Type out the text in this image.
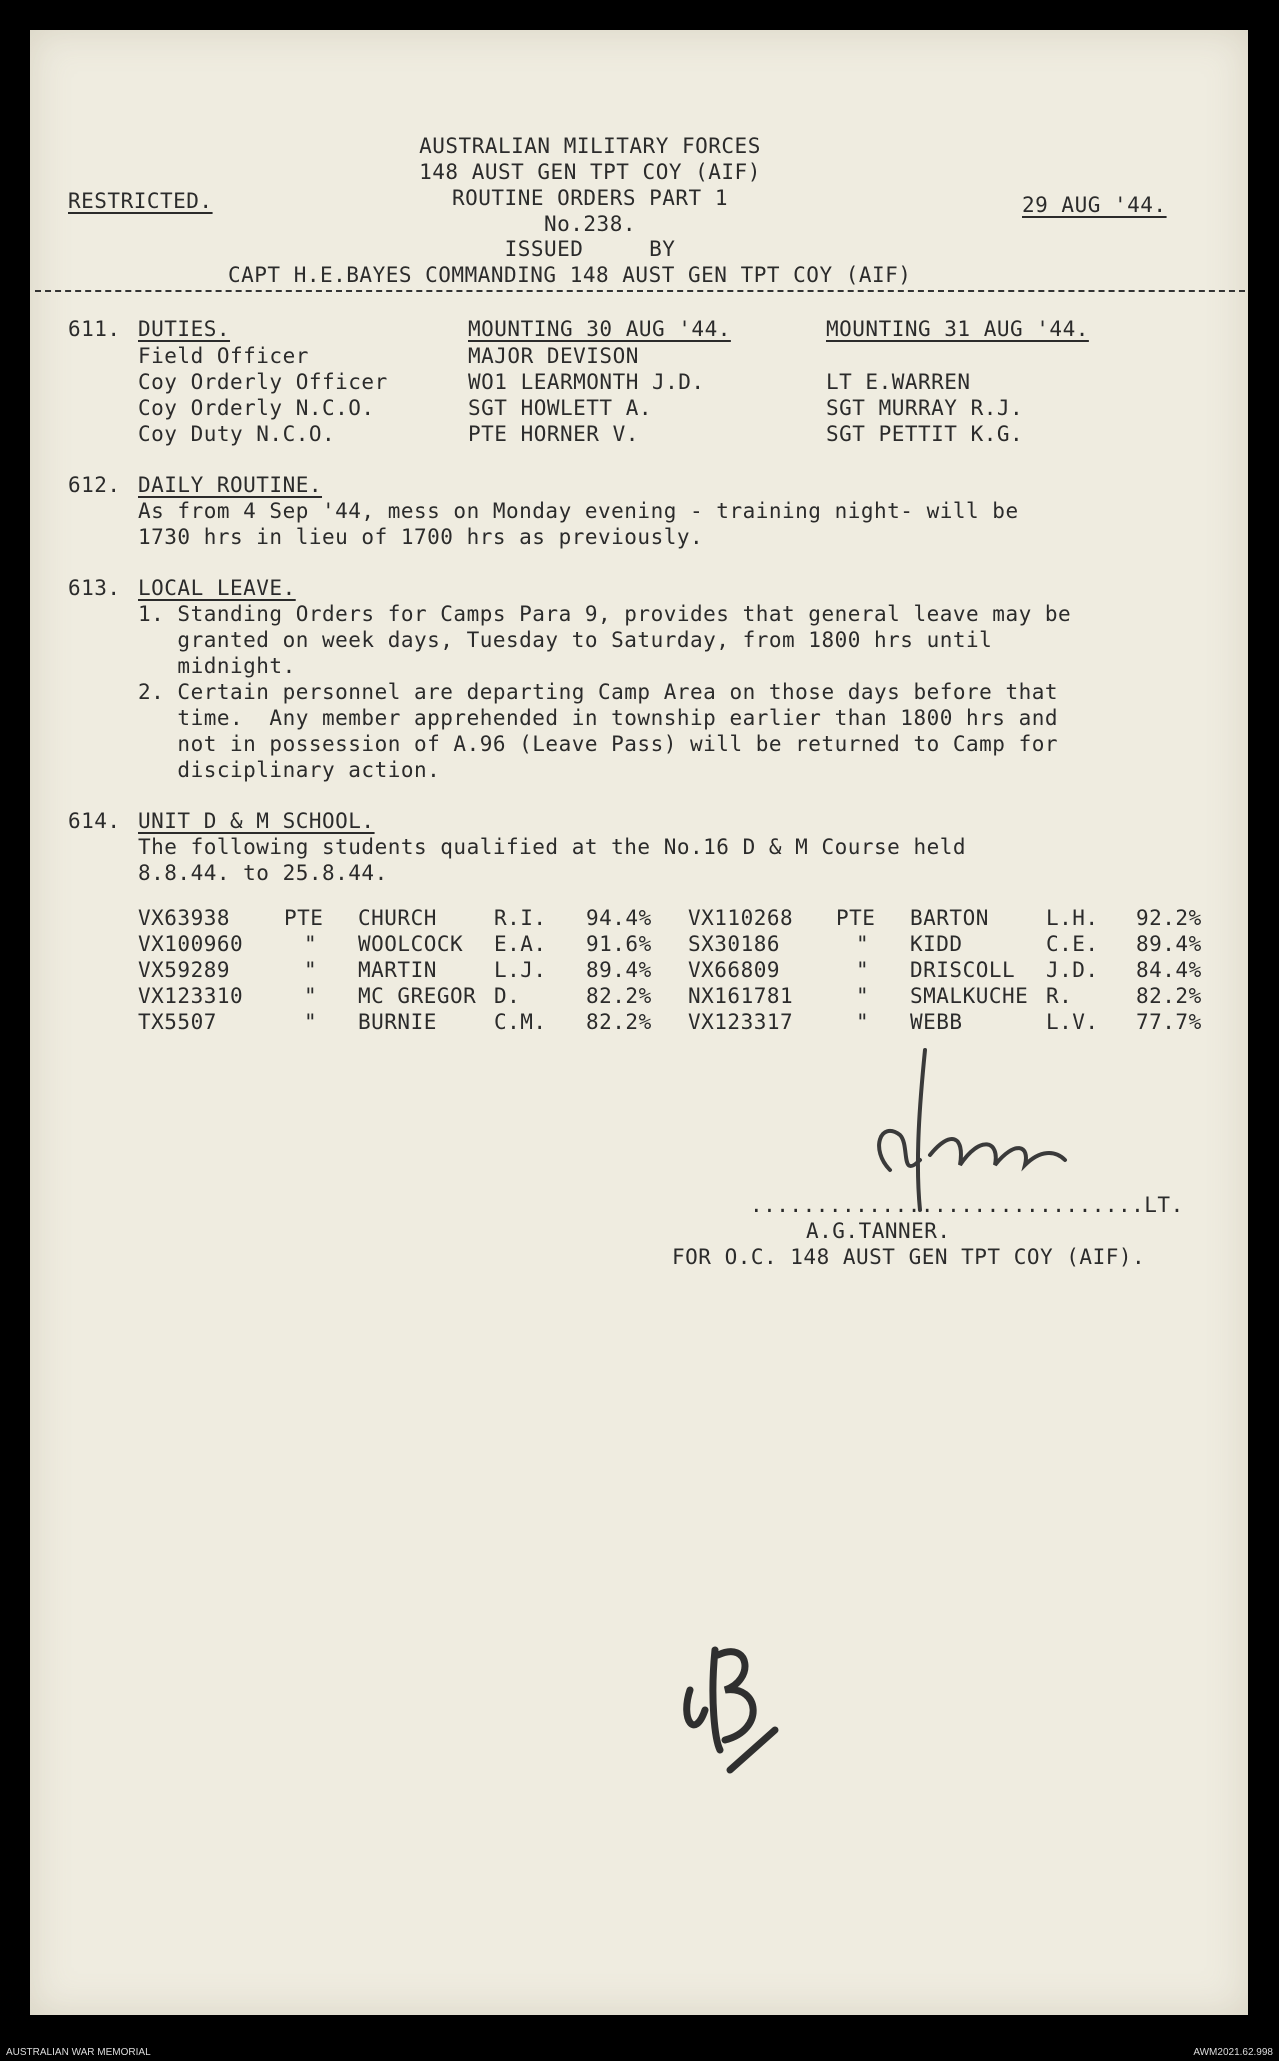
AUSTRALIAN MILITARY FORCES
148 AUST GEN TPT COY (AIF)
ROUTINE ORDERS PART 1
No.238.
ISSUED     BY
RESTRICTED.	29 AUG '44.
CAPT H.E.BAYES COMMANDING 148 AUST GEN TPT COY (AIF)
611. DUTIES.	MOUNTING 30 AUG '44.	MOUNTING 31 AUG '44.
Field Officer	MAJOR DEVISON
Coy Orderly Officer	WO1 LEARMONTH J.D.	LT E.WARREN
Coy Orderly N.C.O.	SGT HOWLETT A.	SGT MURRAY R.J.
Coy Duty N.C.O.	PTE HORNER V.	SGT PETTIT K.G.
612. DAILY ROUTINE.
As from 4 Sep '44, mess on Monday evening - training night- will be
1730 hrs in lieu of 1700 hrs as previously.
613. LOCAL LEAVE.
1. Standing Orders for Camps Para 9, provides that general leave may be
granted on week days, Tuesday to Saturday, from 1800 hrs until
midnight.
2. Certain personnel are departing Camp Area on those days before that
time.  Any member apprehended in township earlier than 1800 hrs and
not in possession of A.96 (Leave Pass) will be returned to Camp for
disciplinary action.
614. UNIT D & M SCHOOL.
The following students qualified at the No.16 D & M Course held
8.8.44. to 25.8.44.
VX63938	PTE CHURCH	R.I. 94.4% VX110268 PTE BARTON	L.H. 92.2%
VX100960	" WOOLCOCK E.A. 91.6% SX30186	" KIDD	C.E. 89.4%
VX59289	" MARTIN	L.J. 89.4% VX66809	" DRISCOLL J.D. 84.4%
VX123310	" MC GREGOR D.	82.2% NX161781	" SMALKUCHE R.	82.2%
TX5507	" BURNIE	C.M. 82.2% VX123317	" WEBB	L.V. 77.7%
..............................LT.
A.G.TANNER.
FOR O.C. 148 AUST GEN TPT COY (AIF).
AUSTRALIAN WAR MEMORIAL	AWM2021.62.998
